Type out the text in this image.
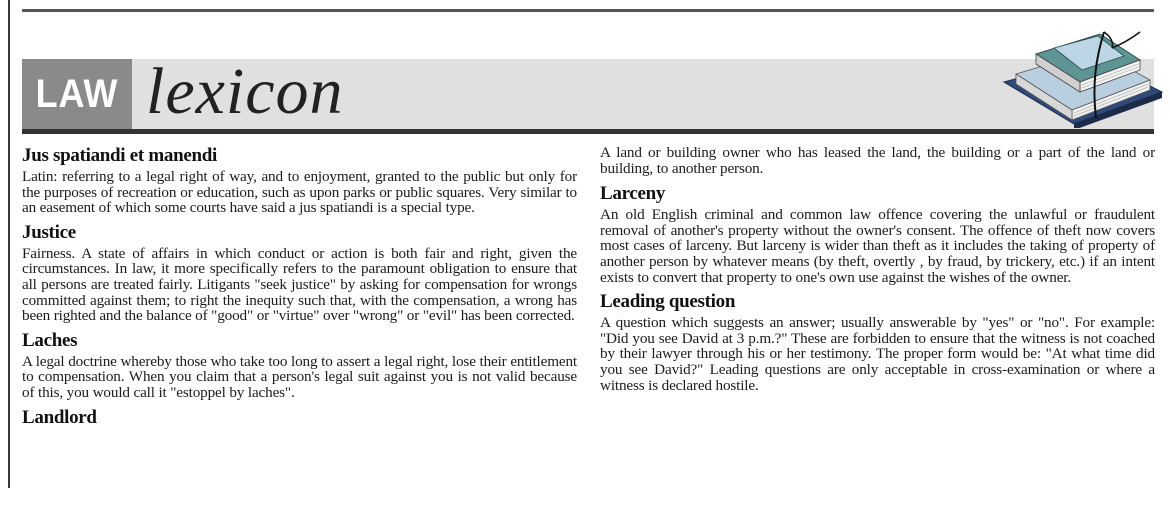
LAW lexicon
Jus spatiandi et manendi

Latin: referring to a legal right of way, and to enjoyment, granted to the public but only for the purposes of recreation or education, such as upon parks or public squares. Very similar to an easement of which some courts have said a jus spatiandi is a special type.

Justice

Fairness. A state of affairs in which conduct or action is both fair and right, given the circumstances. In law, it more specifically refers to the paramount obligation to ensure that all persons are treated fairly. Litigants "seek justice" by asking for compensation for wrongs committed against them; to right the inequity such that, with the compensation, a wrong has been righted and the balance of "good" or "virtue" over "wrong" or "evil" has been corrected.

Laches

A legal doctrine whereby those who take too long to assert a legal right, lose their entitlement to compensation. When you claim that a person's legal suit against you is not valid because of this, you would call it "estoppel by laches".

Landlord

A land or building owner who has leased the land, the building or a part of the land or building, to another person.

Larceny

An old English criminal and common law offence covering the unlawful or fraudulent removal of another's property without the owner's consent. The offence of theft now covers most cases of larceny. But larceny is wider than theft as it includes the taking of property of another person by whatever means (by theft, overtly , by fraud, by trickery, etc.) if an intent exists to convert that property to one's own use against the wishes of the owner.

Leading question

A question which suggests an answer; usually answerable by "yes" or "no". For example: "Did you see David at 3 p.m.?" These are forbidden to ensure that the witness is not coached by their lawyer through his or her testimony. The proper form would be: "At what time did you see David?" Leading questions are only acceptable in cross-examination or where a witness is declared hostile.
